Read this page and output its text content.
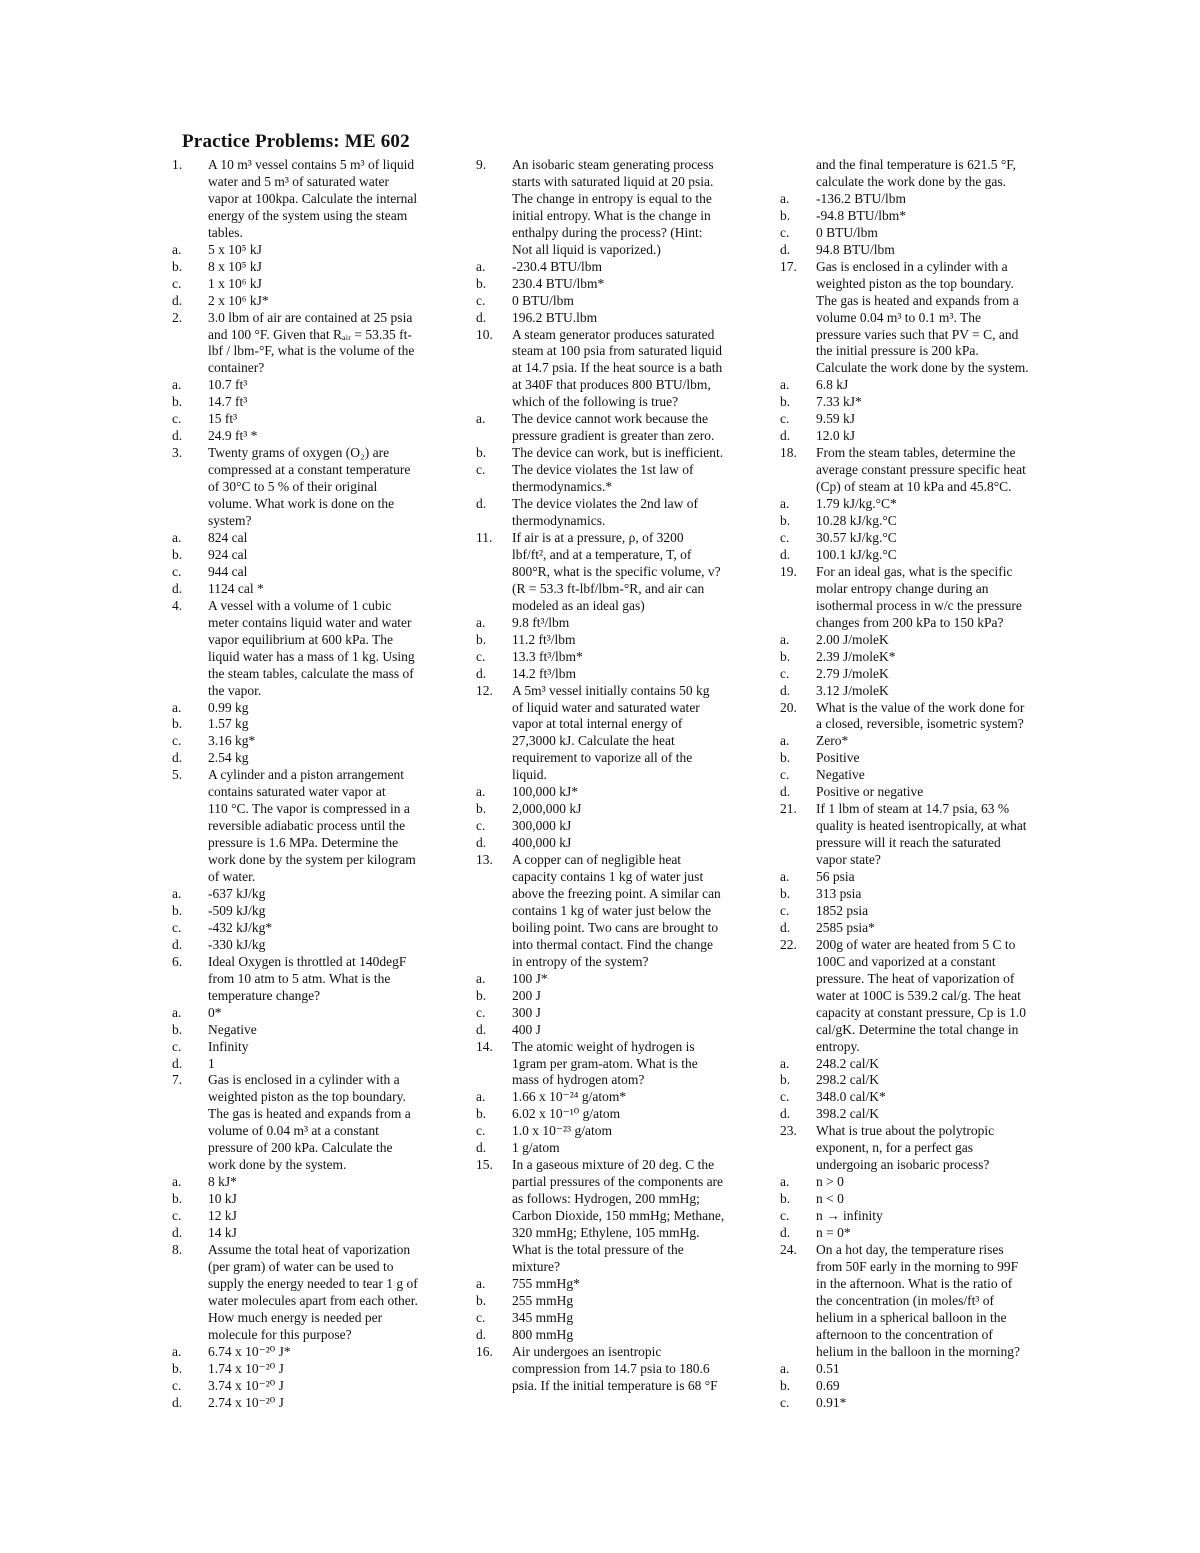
Practice Problems: ME 602
1.	A 10 m³ vessel contains 5 m³ of liquid
water and 5 m³ of saturated water
vapor at 100kpa. Calculate the internal
energy of the system using the steam
tables.
a.	5 x 10⁵ kJ
b.	8 x 10⁵ kJ
c.	1 x 10⁶ kJ
d.	2 x 10⁶ kJ*
2.	3.0 lbm of air are contained at 25 psia
and 100 °F. Given that Rₐᵢᵣ = 53.35 ft-
lbf / lbm-°F, what is the volume of the
container?
a.	10.7 ft³
b.	14.7 ft³
c.	15 ft³
d.	24.9 ft³ *
3.	Twenty grams of oxygen (O₂) are
compressed at a constant temperature
of 30°C to 5 % of their original
volume. What work is done on the
system?
a.	824 cal
b.	924 cal
c.	944 cal
d.	1124 cal *
4.	A vessel with a volume of 1 cubic
meter contains liquid water and water
vapor equilibrium at 600 kPa. The
liquid water has a mass of 1 kg. Using
the steam tables, calculate the mass of
the vapor.
a.	0.99 kg
b.	1.57 kg
c.	3.16 kg*
d.	2.54 kg
5.	A cylinder and a piston arrangement
contains saturated water vapor at
110 °C. The vapor is compressed in a
reversible adiabatic process until the
pressure is 1.6 MPa. Determine the
work done by the system per kilogram
of water.
a.	-637 kJ/kg
b.	-509 kJ/kg
c.	-432 kJ/kg*
d.	-330 kJ/kg
6.	Ideal Oxygen is throttled at 140degF
from 10 atm to 5 atm. What is the
temperature change?
a.	0*
b.	Negative
c.	Infinity
d.	1
7.	Gas is enclosed in a cylinder with a
weighted piston as the top boundary.
The gas is heated and expands from a
volume of 0.04 m³ at a constant
pressure of 200 kPa. Calculate the
work done by the system.
a.	8 kJ*
b.	10 kJ
c.	12 kJ
d.	14 kJ
8.	Assume the total heat of vaporization
(per gram) of water can be used to
supply the energy needed to tear 1 g of
water molecules apart from each other.
How much energy is needed per
molecule for this purpose?
a.	6.74 x 10⁻²⁰ J*
b.	1.74 x 10⁻²⁰ J
c.	3.74 x 10⁻²⁰ J
d.	2.74 x 10⁻²⁰ J
9.	An isobaric steam generating process
starts with saturated liquid at 20 psia.
The change in entropy is equal to the
initial entropy. What is the change in
enthalpy during the process? (Hint:
Not all liquid is vaporized.)
a.	-230.4 BTU/lbm
b.	230.4 BTU/lbm*
c.	0 BTU/lbm
d.	196.2 BTU.lbm
10.	A steam generator produces saturated
steam at 100 psia from saturated liquid
at 14.7 psia. If the heat source is a bath
at 340F that produces 800 BTU/lbm,
which of the following is true?
a.	The device cannot work because the
pressure gradient is greater than zero.
b.	The device can work, but is inefficient.
c.	The device violates the 1st law of
thermodynamics.*
d.	The device violates the 2nd law of
thermodynamics.
11.	If air is at a pressure, ρ, of 3200
lbf/ft², and at a temperature, T, of
800°R, what is the specific volume, v?
(R = 53.3 ft-lbf/lbm-°R, and air can
modeled as an ideal gas)
a.	9.8 ft³/lbm
b.	11.2 ft³/lbm
c.	13.3 ft³/lbm*
d.	14.2 ft³/lbm
12.	A 5m³ vessel initially contains 50 kg
of liquid water and saturated water
vapor at total internal energy of
27,3000 kJ. Calculate the heat
requirement to vaporize all of the
liquid.
a.	100,000 kJ*
b.	2,000,000 kJ
c.	300,000 kJ
d.	400,000 kJ
13.	A copper can of negligible heat
capacity contains 1 kg of water just
above the freezing point. A similar can
contains 1 kg of water just below the
boiling point. Two cans are brought to
into thermal contact. Find the change
in entropy of the system?
a.	100 J*
b.	200 J
c.	300 J
d.	400 J
14.	The atomic weight of hydrogen is
1gram per gram-atom. What is the
mass of hydrogen atom?
a.	1.66 x 10⁻²⁴ g/atom*
b.	6.02 x 10⁻¹⁰ g/atom
c.	1.0 x 10⁻²³ g/atom
d.	1 g/atom
15.	In a gaseous mixture of 20 deg. C the
partial pressures of the components are
as follows: Hydrogen, 200 mmHg;
Carbon Dioxide, 150 mmHg; Methane,
320 mmHg; Ethylene, 105 mmHg.
What is the total pressure of the
mixture?
a.	755 mmHg*
b.	255 mmHg
c.	345 mmHg
d.	800 mmHg
16.	Air undergoes an isentropic
compression from 14.7 psia to 180.6
psia. If the initial temperature is 68 °F
and the final temperature is 621.5 °F,
calculate the work done by the gas.
a.	-136.2 BTU/lbm
b.	-94.8 BTU/lbm*
c.	0 BTU/lbm
d.	94.8 BTU/lbm
17.	Gas is enclosed in a cylinder with a
weighted piston as the top boundary.
The gas is heated and expands from a
volume 0.04 m³ to 0.1 m³. The
pressure varies such that PV = C, and
the initial pressure is 200 kPa.
Calculate the work done by the system.
a.	6.8 kJ
b.	7.33 kJ*
c.	9.59 kJ
d.	12.0 kJ
18.	From the steam tables, determine the
average constant pressure specific heat
(Cp) of steam at 10 kPa and 45.8°C.
a.	1.79 kJ/kg.°C*
b.	10.28 kJ/kg.°C
c.	30.57 kJ/kg.°C
d.	100.1 kJ/kg.°C
19.	For an ideal gas, what is the specific
molar entropy change during an
isothermal process in w/c the pressure
changes from 200 kPa to 150 kPa?
a.	2.00 J/moleK
b.	2.39 J/moleK*
c.	2.79 J/moleK
d.	3.12 J/moleK
20.	What is the value of the work done for
a closed, reversible, isometric system?
a.	Zero*
b.	Positive
c.	Negative
d.	Positive or negative
21.	If 1 lbm of steam at 14.7 psia, 63 %
quality is heated isentropically, at what
pressure will it reach the saturated
vapor state?
a.	56 psia
b.	313 psia
c.	1852 psia
d.	2585 psia*
22.	200g of water are heated from 5 C to
100C and vaporized at a constant
pressure. The heat of vaporization of
water at 100C is 539.2 cal/g. The heat
capacity at constant pressure, Cp is 1.0
cal/gK. Determine the total change in
entropy.
a.	248.2 cal/K
b.	298.2 cal/K
c.	348.0 cal/K*
d.	398.2 cal/K
23.	What is true about the polytropic
exponent, n, for a perfect gas
undergoing an isobaric process?
a.	n > 0
b.	n < 0
c.	n → infinity
d.	n = 0*
24.	On a hot day, the temperature rises
from 50F early in the morning to 99F
in the afternoon. What is the ratio of
the concentration (in moles/ft³ of
helium in a spherical balloon in the
afternoon to the concentration of
helium in the balloon in the morning?
a.	0.51
b.	0.69
c.	0.91*
